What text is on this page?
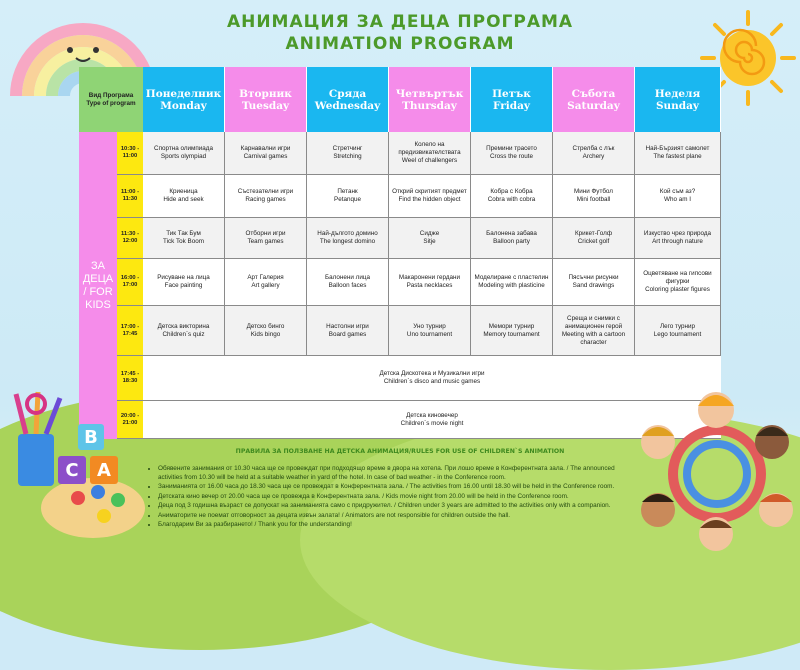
АНИМАЦИЯ ЗА ДЕЦА ПРОГРАМА
ANIMATION PROGRAM
Вид Програма
Type of program
Понеделник
Monday
Вторник
Tuesday
Сряда
Wednesday
Четвъртък
Thursday
Петък
Friday
Събота
Saturday
Неделя
Sunday
ЗА ДЕЦА / FOR KIDS
10:30 - 11:00
Спортна олимпиада
Sports olympiad
Карнавални игри
Carnival games
Стретчинг
Stretching
Колело на предизвикателствата
Weel of challengers
Премини трасето
Cross the route
Стрелба с лък
Archery
Най-Бързият самолет
The fastest plane
11:00 - 11:30
Криеница
Hide and seek
Състезателни игри
Racing games
Петанк
Petanque
Открий скритият предмет
Find the hidden object
Кобра с Кобра
Cobra with cobra
Мини Футбол
Mini football
Кой съм аз?
Who am I
11:30 - 12:00
Тик Так Бум
Tick Tok Boom
Отборни игри
Team games
Най-дългото домино
The longest domino
Сидже
Sitje
Балонена забава
Balloon party
Крикет-Голф
Cricket golf
Изкуство чрез природа
Art through nature
16:00 - 17:00
Рисуване на лица
Face painting
Арт Галерия
Art gallery
Балонени лица
Balloon faces
Макаронени гердани
Pasta necklaces
Моделиране с пластелин
Modeling with plasticine
Пясъчни рисунки
Sand drawings
Оцветяване на гипсови фигурки
Coloring plaster figures
17:00 - 17:45
Детска викторина
Children`s quiz
Детско бинго
Kids bingo
Настолни игри
Board games
Уно турнир
Uno tournament
Мемори турнир
Memory tournament
Среща и снимки с анимационен герой
Meeting with a cartoon character
Лего турнир
Lego tournament
17:45 - 18:30
Детска Дискотека и Музикални игри
Children`s disco and music games
20:00 - 21:00
Детска киновечер
Children`s movie night
ПРАВИЛА ЗА ПОЛЗВАНЕ НА ДЕТСКА АНИМАЦИЯ/RULES FOR USE OF CHILDREN`S ANIMATION
• Обявените занимания от 10.30 часа ще се провеждат при подходящо време в двора на хотела. При лошо време в Конферентната зала. / The announced activities from 10.30 will be held at a suitable weather in yard of the hotel. In case of bad weather - in the Conference room.
• Заниманията от 16.00 часа до 18.30 часа ще се провеждат в Конферентната зала. / The activities from 16.00 until 18.30 will be held in the Conference room.
• Детската кино вечер от 20.00 часа ще се провежда в Конферентната зала. / Kids movie night from 20.00 will be held in the Conference room.
• Деца под 3 годишна възраст се допускат на заниманията само с придружител. / Children under 3 years are admitted to the activities only with a companion.
• Аниматорите не поемат отговорност за децата извън залата! / Animators are not responsible for children outside the hall.
• Благодарим Ви за разбирането! / Thank you for the understanding!
B
C	A
